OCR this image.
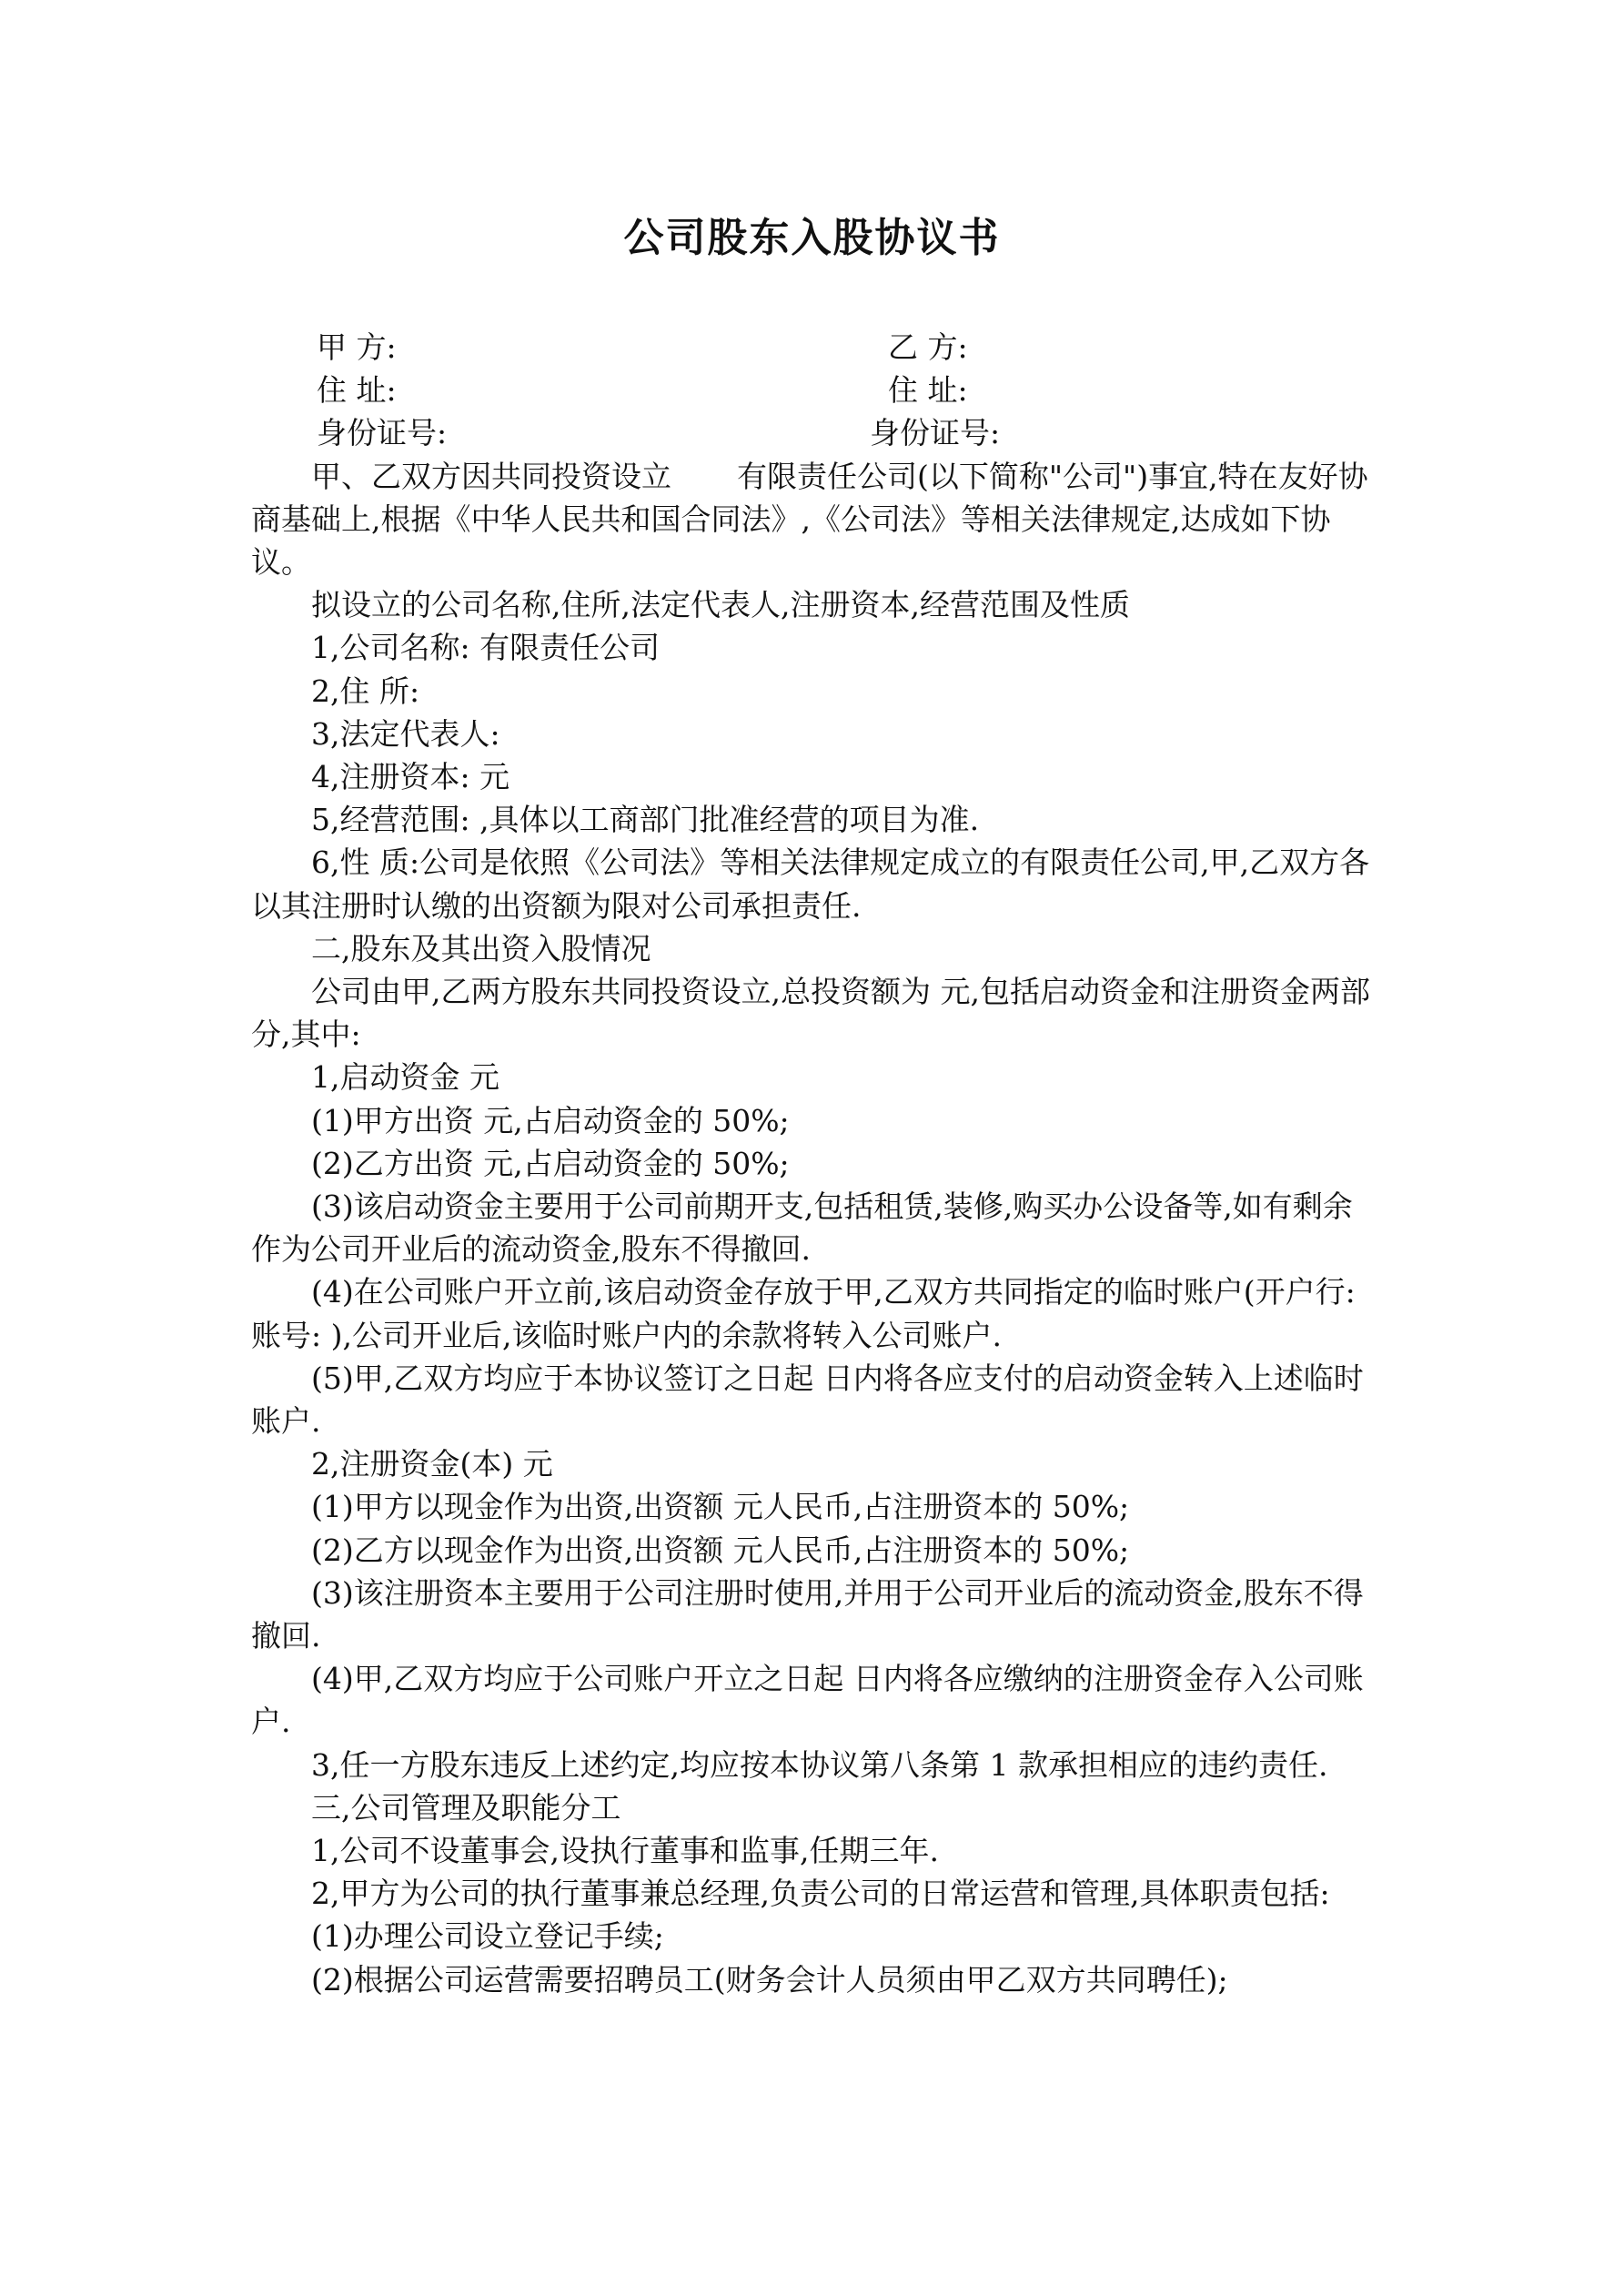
公司股东入股协议书
甲 方:	乙 方:
住 址:	住 址:
身份证号:	身份证号:
甲、乙双方因共同投资设立 有限责任公司(以下简称"公司")事宜,特在友好协商基础上,根据《中华人民共和国合同法》,《公司法》等相关法律规定,达成如下协议。
拟设立的公司名称,住所,法定代表人,注册资本,经营范围及性质
1,公司名称: 有限责任公司
2,住 所:
3,法定代表人:
4,注册资本: 元
5,经营范围: ,具体以工商部门批准经营的项目为准.
6,性 质:公司是依照《公司法》等相关法律规定成立的有限责任公司,甲,乙双方各以其注册时认缴的出资额为限对公司承担责任.
二,股东及其出资入股情况
公司由甲,乙两方股东共同投资设立,总投资额为 元,包括启动资金和注册资金两部分,其中:
1,启动资金 元
(1)甲方出资 元,占启动资金的 50%;
(2)乙方出资 元,占启动资金的 50%;
(3)该启动资金主要用于公司前期开支,包括租赁,装修,购买办公设备等,如有剩余作为公司开业后的流动资金,股东不得撤回.
(4)在公司账户开立前,该启动资金存放于甲,乙双方共同指定的临时账户(开户行: 账号: ),公司开业后,该临时账户内的余款将转入公司账户.
(5)甲,乙双方均应于本协议签订之日起 日内将各应支付的启动资金转入上述临时账户.
2,注册资金(本) 元
(1)甲方以现金作为出资,出资额 元人民币,占注册资本的 50%;
(2)乙方以现金作为出资,出资额 元人民币,占注册资本的 50%;
(3)该注册资本主要用于公司注册时使用,并用于公司开业后的流动资金,股东不得撤回.
(4)甲,乙双方均应于公司账户开立之日起 日内将各应缴纳的注册资金存入公司账户.
3,任一方股东违反上述约定,均应按本协议第八条第 1 款承担相应的违约责任.
三,公司管理及职能分工
1,公司不设董事会,设执行董事和监事,任期三年.
2,甲方为公司的执行董事兼总经理,负责公司的日常运营和管理,具体职责包括:
(1)办理公司设立登记手续;
(2)根据公司运营需要招聘员工(财务会计人员须由甲乙双方共同聘任);
